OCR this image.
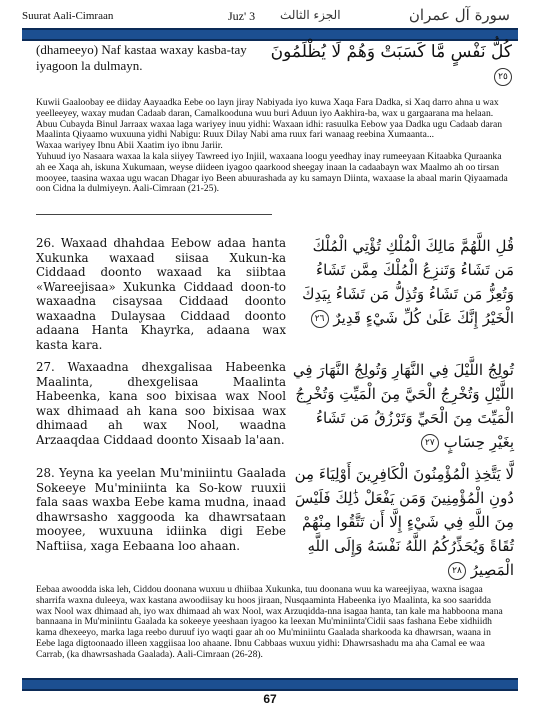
Suurat Aali-Cimraan	Juz' 3 الجزء الثالث	سورة آل عمران
(dhameeyo) Naf kastaa waxay kasba-tay iyagoon la dulmayn.
كُلُّ نَفْسٍ مَّا كَسَبَتْ وَهُمْ لَا يُظْلَمُونَ ٢٥

Kuwii Gaaloobay ee diiday Aayaadka Eebe oo layn jiray Nabiyada iyo kuwa Xaqa Fara Dadka, si Xaq darro ahna u wax yeelleeyey, waxay mudan Cadaab daran, Camalkooduna wuu buri Aduun iyo Aakhira-ba, wax u gargaarana ma helaan. Abuu Cubayda Binul Jarraax waxaa laga wariyey inuu yidhi: Waxaan idhi: rasuulka Eebow yaa Dadka ugu Cadaab daran Maalinta Qiyaamo wuxuuna yidhi Nabigu: Ruux Dilay Nabi ama ruux fari wanaag reebina Xumaanta...

Waxaa wariyey Ibnu Abii Xaatim iyo ibnu Jariir.

Yuhuud iyo Nasaara waxaa la kala siiyey Tawreed iyo Injiil, waxaana loogu yeedhay inay rumeeyaan Kitaabka Quraanka ah ee Xaqa ah, iskuna Xukumaan, weyse diideen iyagoo qaarkood sheegay inaan la cadaabayn wax Maalmo ah oo tirsan mooyee, taasina waxaa ugu wacan Dhagar iyo Been abuurashada ay ku samayn Diinta, waxaase la abaal marin Qiyaamada oon Cidna la dulmiyeyn. Aali-Cimraan (21-25).

26. Waxaad dhahdaa Eebow adaa hanta Xukunka waxaad siisaa Xukun-ka Ciddaad doonto waxaad ka siibtaa «Wareejisaa» Xukunka Ciddaad doon-to waxaadna cisaysaa Ciddaad doonto waxaadna Dulaysaa Ciddaad doonto adaana Hanta Khayrka, adaana wax kasta kara.
قُلِ اللَّهُمَّ مَالِكَ الْمُلْكِ تُؤْتِي الْمُلْكَ مَن تَشَاءُ وَتَنزِعُ الْمُلْكَ مِمَّن تَشَاءُ وَتُعِزُّ مَن تَشَاءُ وَتُذِلُّ مَن تَشَاءُ بِيَدِكَ الْخَيْرُ إِنَّكَ عَلَىٰ كُلِّ شَيْءٍ قَدِيرٌ ٢٦
27. Waxaadna dhexgalisaa Habeenka Maalinta, dhexgelisaa Maalinta Habeenka, kana soo bixisaa wax Nool wax dhimaad ah kana soo bixisaa wax dhimaad ah wax Nool, waadna Arzaaqdaa Ciddaad doonto Xisaab la'aan.
تُولِجُ اللَّيْلَ فِي النَّهَارِ وَتُولِجُ النَّهَارَ فِي اللَّيْلِ وَتُخْرِجُ الْحَيَّ مِنَ الْمَيِّتِ وَتُخْرِجُ الْمَيِّتَ مِنَ الْحَيِّ وَتَرْزُقُ مَن تَشَاءُ بِغَيْرِ حِسَابٍ ٢٧
28. Yeyna ka yeelan Mu'miniintu Gaalada Sokeeye Mu'miniinta ka So-kow ruuxii fala saas waxba Eebe kama mudna, inaad dhawrsasho xaggooda ka dhawrsataan mooyee, wuxuuna idiinka digi Eebe Naftiisa, xaga Eebaana loo ahaan.
لَّا يَتَّخِذِ الْمُؤْمِنُونَ الْكَافِرِينَ أَوْلِيَاءَ مِن دُونِ الْمُؤْمِنِينَ وَمَن يَفْعَلْ ذَٰلِكَ فَلَيْسَ مِنَ اللَّهِ فِي شَيْءٍ إِلَّا أَن تَتَّقُوا مِنْهُمْ تُقَاةً وَيُحَذِّرُكُمُ اللَّهُ نَفْسَهُ وَإِلَى اللَّهِ الْمَصِيرُ ٢٨
Eebaa awoodda iska leh, Ciddou doonana wuxuu u dhiibaa Xukunka, tuu doonana wuu ka wareejiyaa, waxna isagaa sharrifa waxna duleeya, wax kastana awoodiisay ku hoos jiraan, Nusqaaminta Habeenka iyo Maalinta, ka soo saaridda wax Nool wax dhimaad ah, iyo wax dhimaad ah wax Nool, wax Arzuqidda-nna isagaa hanta, tan kale ma habboona mana bannaana in Mu'miniintu Gaalada ka sokeeye yeeshaan iyagoo ka leexan Mu'miniinta'Cidii saas fashana Eebe xidhiidh kama dhexeeyo, marka laga reebo duruuf iyo waqti gaar ah oo Mu'miniintu Gaalada sharkooda ka dhawrsan, waana in Eebe laga digtoonaado illeen xaggiisaa loo ahaane. Ibnu Cabbaas wuxuu yidhi: Dhawrsashadu ma aha Camal ee waa Carrab, (ka dhawrsashada Gaalada). Aali-Cimraan (26-28).
67
